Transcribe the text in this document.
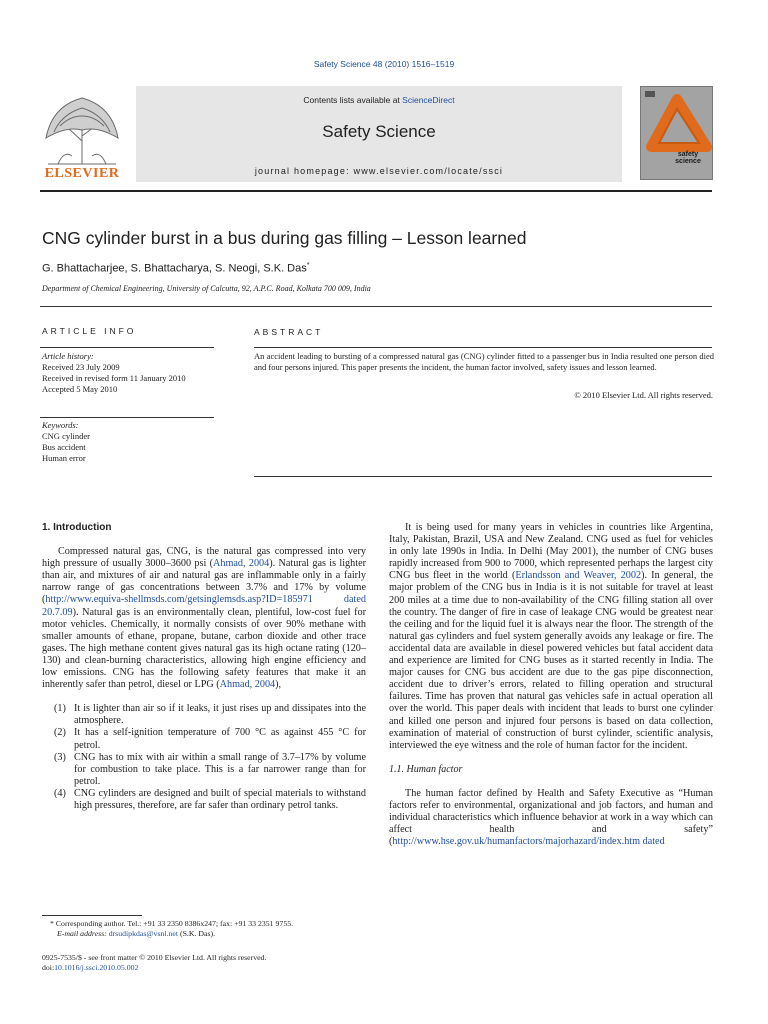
Safety Science 48 (2010) 1516–1519
ELSEVIER
Contents lists available at ScienceDirect
Safety Science
journal homepage: www.elsevier.com/locate/ssci
safety
science
CNG cylinder burst in a bus during gas filling – Lesson learned
G. Bhattacharjee, S. Bhattacharya, S. Neogi, S.K. Das*
Department of Chemical Engineering, University of Calcutta, 92, A.P.C. Road, Kolkata 700 009, India
ARTICLE INFO
Article history:
Received 23 July 2009
Received in revised form 11 January 2010
Accepted 5 May 2010
Keywords:
CNG cylinder
Bus accident
Human error
ABSTRACT
An accident leading to bursting of a compressed natural gas (CNG) cylinder fitted to a passenger bus in India resulted one person died and four persons injured. This paper presents the incident, the human factor involved, safety issues and lesson learned.
© 2010 Elsevier Ltd. All rights reserved.
1. Introduction

Compressed natural gas, CNG, is the natural gas compressed into very high pressure of usually 3000–3600 psi (Ahmad, 2004). Natural gas is lighter than air, and mixtures of air and natural gas are inflammable only in a fairly narrow range of gas concentrations between 3.7% and 17% by volume (http://www.equiva-shellmsds.com/getsinglemsds.asp?ID=185971 dated 20.7.09). Natural gas is an environmentally clean, plentiful, low-cost fuel for motor vehicles. Chemically, it normally consists of over 90% methane with smaller amounts of ethane, propane, butane, carbon dioxide and other trace gases. The high methane content gives natural gas its high octane rating (120–130) and clean-burning characteristics, allowing high engine efficiency and low emissions. CNG has the following safety features that make it an inherently safer than petrol, diesel or LPG (Ahmad, 2004),

(1) It is lighter than air so if it leaks, it just rises up and dissipates into the atmosphere.
(2) It has a self-ignition temperature of 700 °C as against 455 °C for petrol.
(3) CNG has to mix with air within a small range of 3.7–17% by volume for combustion to take place. This is a far narrower range than for petrol.
(4) CNG cylinders are designed and built of special materials to withstand high pressures, therefore, are far safer than ordinary petrol tanks.

It is being used for many years in vehicles in countries like Argentina, Italy, Pakistan, Brazil, USA and New Zealand. CNG used as fuel for vehicles in only late 1990s in India. In Delhi (May 2001), the number of CNG buses rapidly increased from 900 to 7000, which represented perhaps the largest city CNG bus fleet in the world (Erlandsson and Weaver, 2002). In general, the major problem of the CNG bus in India is it is not suitable for travel at least 200 miles at a time due to non-availability of the CNG filling station all over the country. The danger of fire in case of leakage CNG would be greatest near the ceiling and for the liquid fuel it is always near the floor. The strength of the natural gas cylinders and fuel system generally avoids any leakage or fire. The accidental data are available in diesel powered vehicles but fatal accident data and experience are limited for CNG buses as it started recently in India. The major causes for CNG bus accident are due to the gas pipe disconnection, accident due to driver’s errors, related to filling operation and structural failures. Time has proven that natural gas vehicles safe in actual operation all over the world. This paper deals with incident that leads to burst one cylinder and killed one person and injured four persons is based on data collection, examination of material of construction of burst cylinder, scientific analysis, interviewed the eye witness and the role of human factor for the incident.

1.1. Human factor

The human factor defined by Health and Safety Executive as “Human factors refer to environmental, organizational and job factors, and human and individual characteristics which influence behavior at work in a way which can affect health and safety” (http://www.hse.gov.uk/humanfactors/majorhazard/index.htm dated

* Corresponding author. Tel.: +91 33 2350 8386x247; fax: +91 33 2351 9755.
E-mail address: drsudipkdas@vsnl.net (S.K. Das).
0925-7535/$ - see front matter © 2010 Elsevier Ltd. All rights reserved.
doi:10.1016/j.ssci.2010.05.002
